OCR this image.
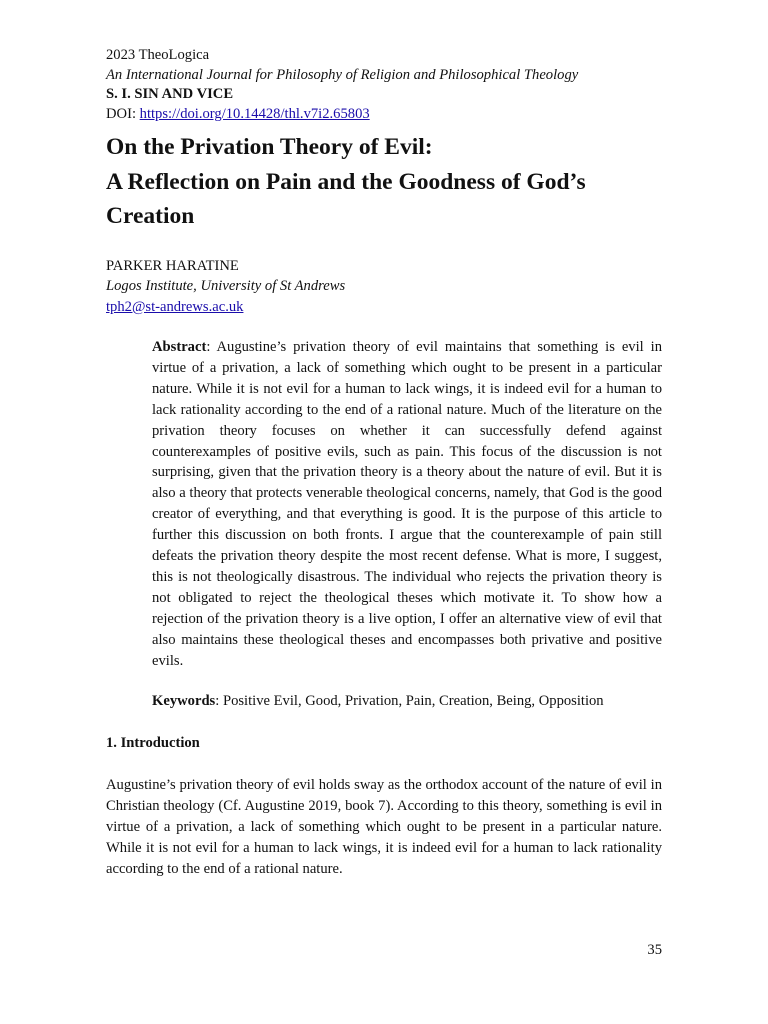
2023 TheoLogica
An International Journal for Philosophy of Religion and Philosophical Theology
S. I. SIN AND VICE
DOI: https://doi.org/10.14428/thl.v7i2.65803
On the Privation Theory of Evil:
A Reflection on Pain and the Goodness of God’s
Creation
PARKER HARATINE
Logos Institute, University of St Andrews
tph2@st-andrews.ac.uk
Abstract: Augustine’s privation theory of evil maintains that something is evil in virtue of a privation, a lack of something which ought to be present in a particular nature. While it is not evil for a human to lack wings, it is indeed evil for a human to lack rationality according to the end of a rational nature. Much of the literature on the privation theory focuses on whether it can successfully defend against counterexamples of positive evils, such as pain. This focus of the discussion is not surprising, given that the privation theory is a theory about the nature of evil. But it is also a theory that protects venerable theological concerns, namely, that God is the good creator of everything, and that everything is good. It is the purpose of this article to further this discussion on both fronts. I argue that the counterexample of pain still defeats the privation theory despite the most recent defense. What is more, I suggest, this is not theologically disastrous. The individual who rejects the privation theory is not obligated to reject the theological theses which motivate it. To show how a rejection of the privation theory is a live option, I offer an alternative view of evil that also maintains these theological theses and encompasses both privative and positive evils.
Keywords: Positive Evil, Good, Privation, Pain, Creation, Being, Opposition
1. Introduction
Augustine’s privation theory of evil holds sway as the orthodox account of the nature of evil in Christian theology (Cf. Augustine 2019, book 7). According to this theory, something is evil in virtue of a privation, a lack of something which ought to be present in a particular nature. While it is not evil for a human to lack wings, it is indeed evil for a human to lack rationality according to the end of a rational nature.
35
